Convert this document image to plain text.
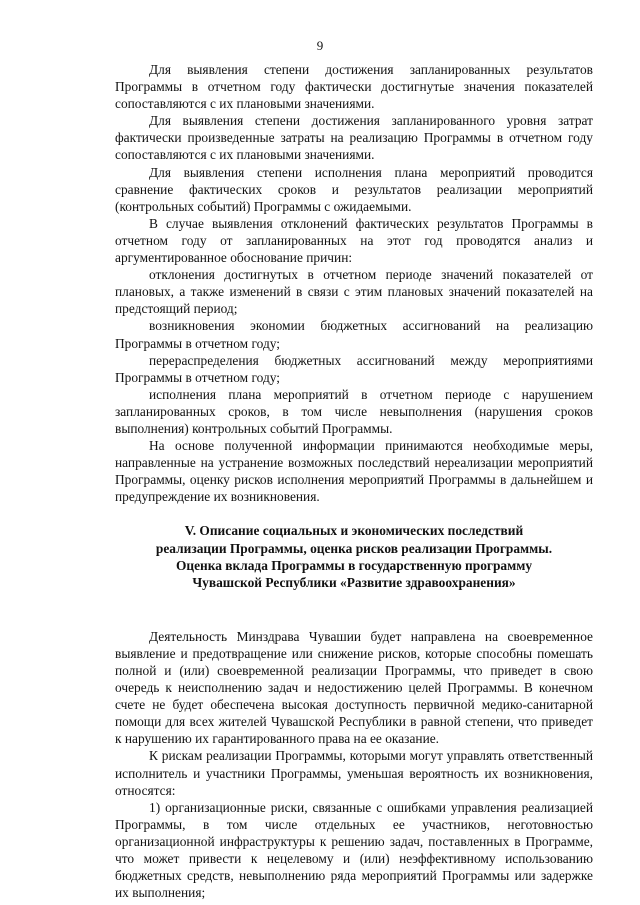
9

Для выявления степени достижения запланированных результатов Программы в отчетном году фактически достигнутые значения показателей сопоставляются с их плановыми значениями.

Для выявления степени достижения запланированного уровня затрат фактически произведенные затраты на реализацию Программы в отчетном году сопоставляются с их плановыми значениями.

Для выявления степени исполнения плана мероприятий проводится сравнение фактических сроков и результатов реализации мероприятий (контрольных событий) Программы с ожидаемыми.

В случае выявления отклонений фактических результатов Программы в отчетном году от запланированных на этот год проводятся анализ и аргументированное обоснование причин:

отклонения достигнутых в отчетном периоде значений показателей от плановых, а также изменений в связи с этим плановых значений показателей на предстоящий период;

возникновения экономии бюджетных ассигнований на реализацию Программы в отчетном году;

перераспределения бюджетных ассигнований между мероприятиями Программы в отчетном году;

исполнения плана мероприятий в отчетном периоде с нарушением запланированных сроков, в том числе невыполнения (нарушения сроков выполнения) контрольных событий Программы.

На основе полученной информации принимаются необходимые меры, направленные на устранение возможных последствий нереализации мероприятий Программы, оценку рисков исполнения мероприятий Программы в дальнейшем и предупреждение их возникновения.

V. Описание социальных и экономических последствий
реализации Программы, оценка рисков реализации Программы.
Оценка вклада Программы в государственную программу
Чувашской Республики «Развитие здравоохранения»

Деятельность Минздрава Чувашии будет направлена на своевременное выявление и предотвращение или снижение рисков, которые способны помешать полной и (или) своевременной реализации Программы, что приведет в свою очередь к неисполнению задач и недостижению целей Программы. В конечном счете не будет обеспечена высокая доступность первичной медико-санитарной помощи для всех жителей Чувашской Республики в равной степени, что приведет к нарушению их гарантированного права на ее оказание.

К рискам реализации Программы, которыми могут управлять ответственный исполнитель и участники Программы, уменьшая вероятность их возникновения, относятся:

1) организационные риски, связанные с ошибками управления реализацией Программы, в том числе отдельных ее участников, неготовностью организационной инфраструктуры к решению задач, поставленных в Программе, что может привести к нецелевому и (или) неэффективному использованию бюджетных средств, невыполнению ряда мероприятий Программы или задержке их выполнения;
